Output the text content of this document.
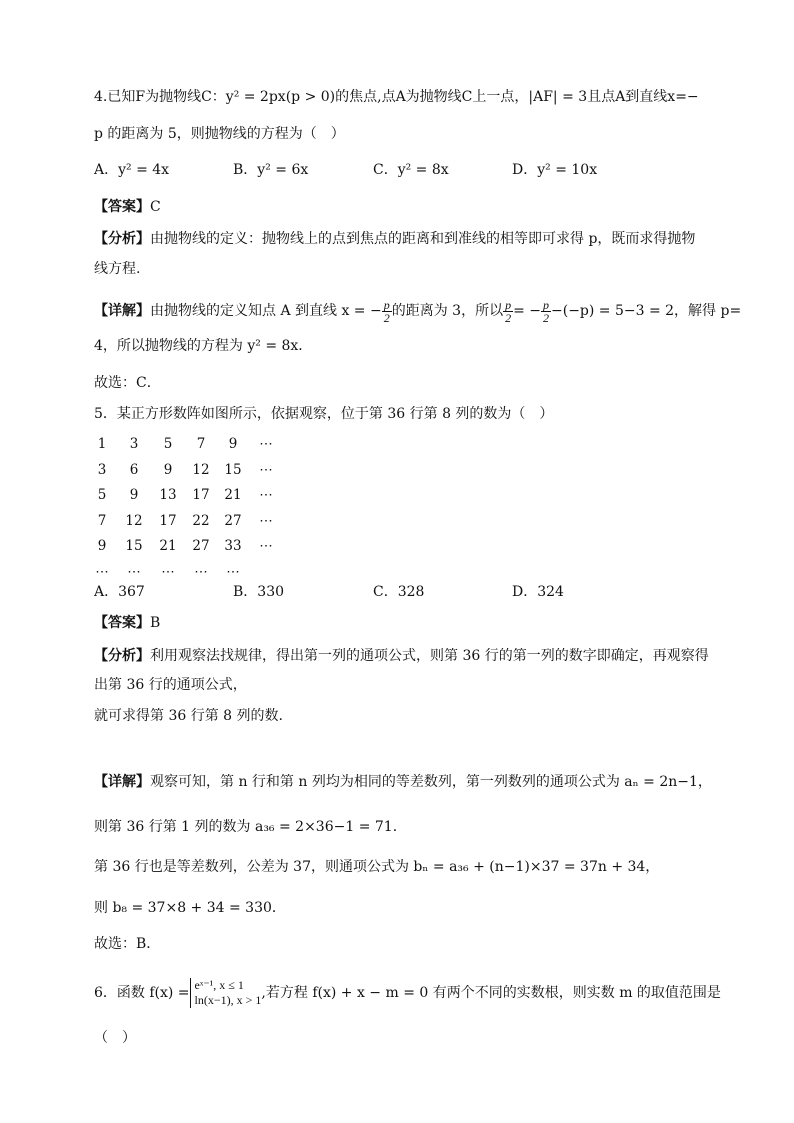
4.已知F为抛物线C：y² = 2px(p > 0)的焦点,点A为抛物线C上一点，|AF| = 3且点A到直线x=−
p 的距离为 5，则抛物线的方程为（　）
A．y² = 4x	B．y² = 6x	C．y² = 8x	D．y² = 10x
【答案】C
【分析】由抛物线的定义：抛物线上的点到焦点的距离和到准线的相等即可求得 p，既而求得抛物
线方程.
【详解】由抛物线的定义知点 A 到直线 x = − $\frac{p}{2}$ 的距离为 3，所以 $\frac{p}{2}$ = − $\frac{p}{2} -(-p) = 5-3 = 2$，解得 p=
4，所以抛物线的方程为 y² = 8x．
故选：C．
5．某正方形数阵如图所示，依据观察，位于第 36 行第 8 列的数为（　）
1	3	5	7	9	⋯
3	6	9	12	15	⋯
5	9	13	17	21	⋯
7	12	17	22	27	⋯
9	15	21	27	33	⋯
⋯	⋯	⋯	⋯	⋯
A．367	B．330	C．328	D．324
【答案】B
【分析】利用观察法找规律，得出第一列的通项公式，则第 36 行的第一列的数字即确定，再观察得
出第 36 行的通项公式，
就可求得第 36 行第 8 列的数.
【详解】观察可知，第 n 行和第 n 列均为相同的等差数列，第一列数列的通项公式为 aₙ = 2n−1，
则第 36 行第 1 列的数为 a₃₆ = 2×36−1 = 71．
第 36 行也是等差数列，公差为 37，则通项公式为 bₙ = a₃₆ + (n−1)×37 = 37n + 34，
则 b₈ = 37×8 + 34 = 330．
故选：B．
6．函数 f(x) = eˣ⁻¹, x ≤ 1
ln(x−1), x > 1 ,若方程 f(x) + x − m = 0 有两个不同的实数根，则实数 m 的取值范围是
（　）
